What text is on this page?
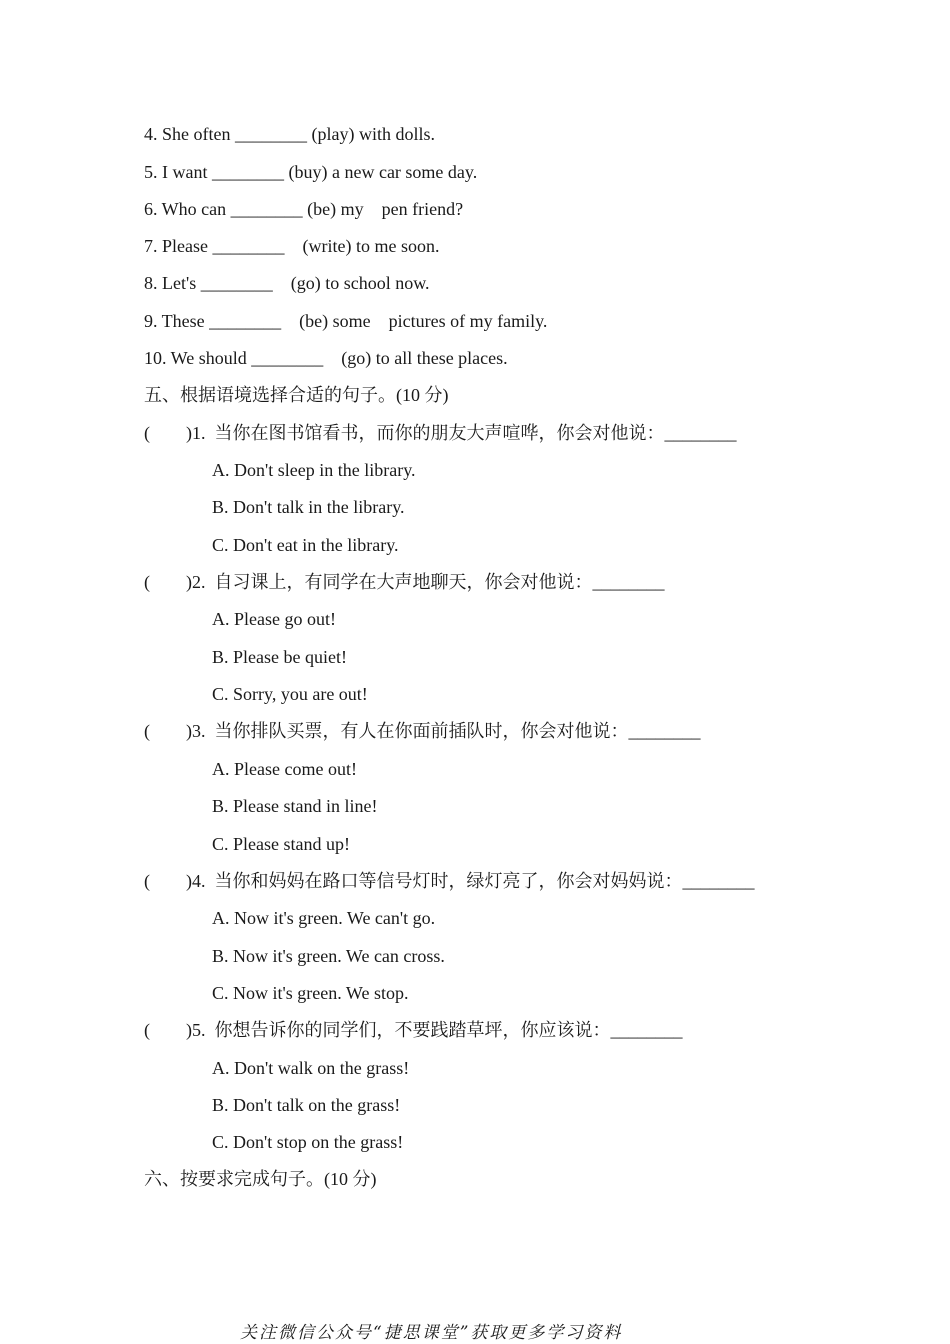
4. She often ________ (play) with dolls.
5. I want ________ (buy) a new car some day.
6. Who can ________ (be) my    pen friend?
7. Please ________    (write) to me soon.
8. Let's ________    (go) to school now.
9. These ________    (be) some    pictures of my family.
10. We should ________    (go) to all these places.
五、根据语境选择合适的句子。(10 分)
(        )1.  当你在图书馆看书，而你的朋友大声喧哗，你会对他说：________
A. Don't sleep in the library.
B. Don't talk in the library.
C. Don't eat in the library.
(        )2.  自习课上，有同学在大声地聊天，你会对他说：________
A. Please go out!
B. Please be quiet!
C. Sorry, you are out!
(        )3.  当你排队买票，有人在你面前插队时，你会对他说：________
A. Please come out!
B. Please stand in line!
C. Please stand up!
(        )4.  当你和妈妈在路口等信号灯时，绿灯亮了，你会对妈妈说：________
A. Now it's green. We can't go.
B. Now it's green. We can cross.
C. Now it's green. We stop.
(        )5.  你想告诉你的同学们，不要践踏草坪，你应该说：________
A. Don't walk on the grass!
B. Don't talk on the grass!
C. Don't stop on the grass!
六、按要求完成句子。(10 分)
关注微信公众号“捷思课堂”获取更多学习资料
